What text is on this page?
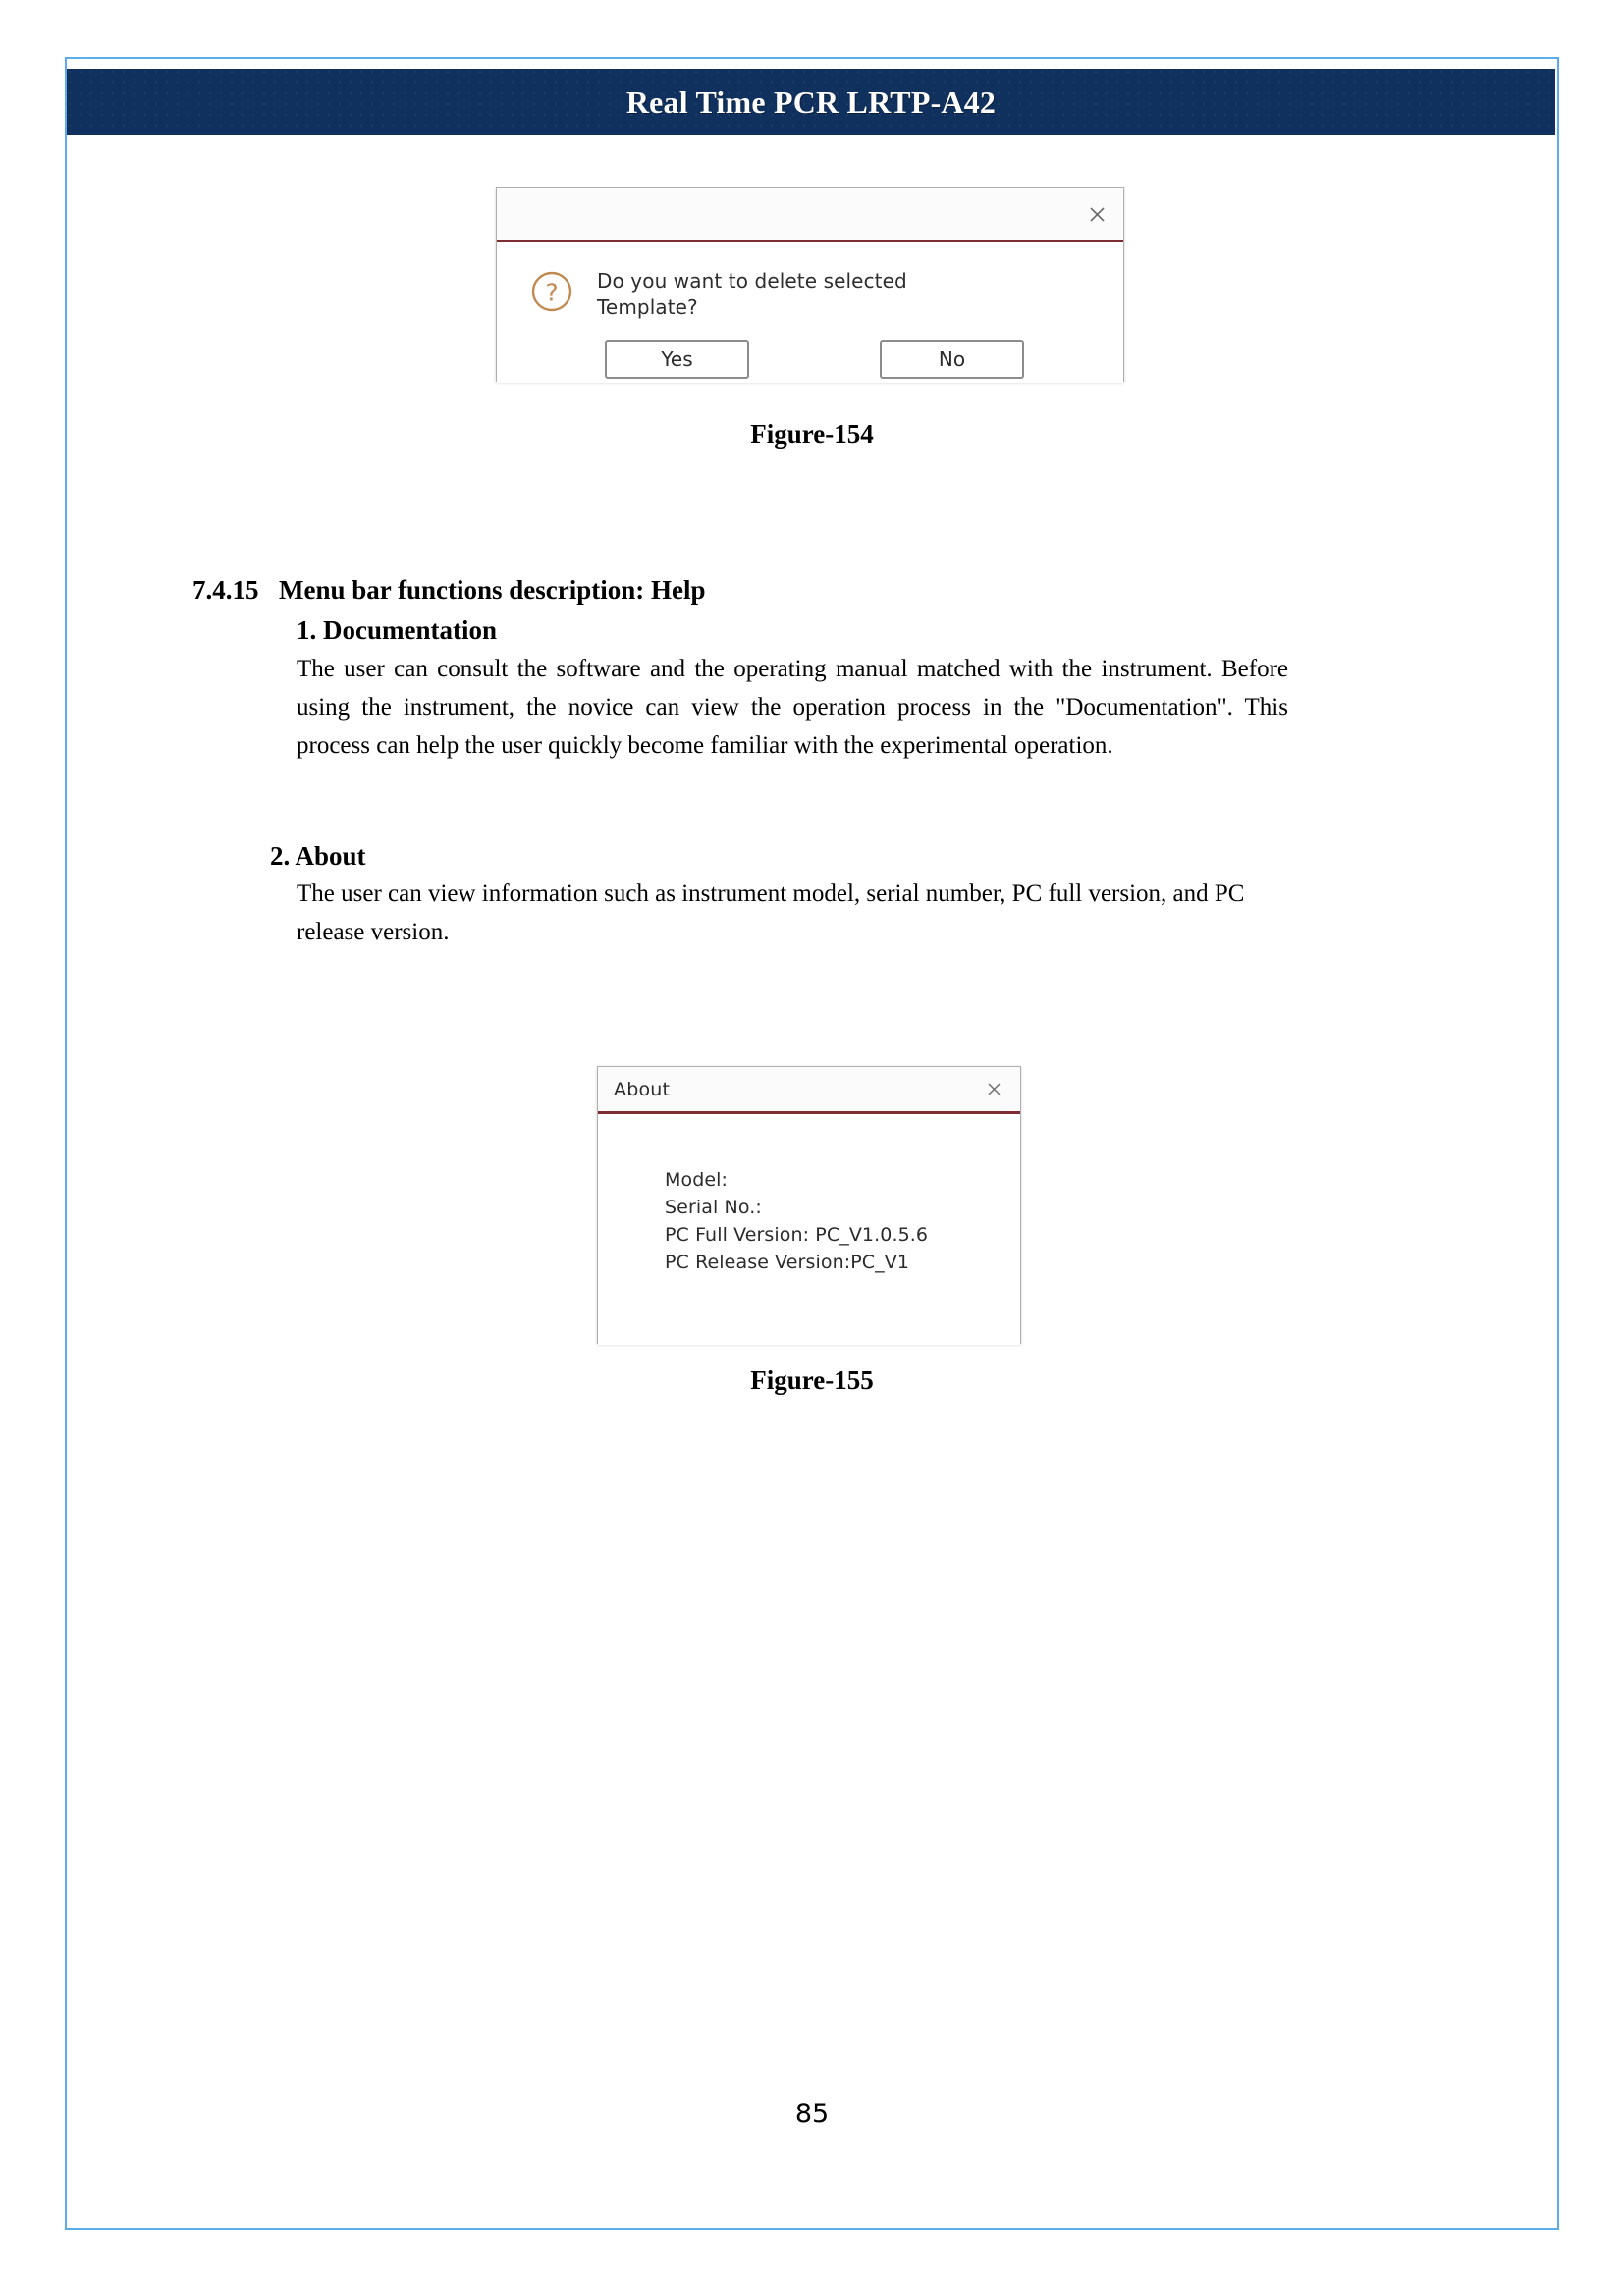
Real Time PCR LRTP-A42
? Do you want to delete selected Template?
Yes	No
Figure-154
7.4.15 Menu bar functions description: Help
1. Documentation
The user can consult the software and the operating manual matched with the instrument. Before using the instrument, the novice can view the operation process in the "Documentation". This process can help the user quickly become familiar with the experimental operation.
2. About
The user can view information such as instrument model, serial number, PC full version, and PC release version.
About
Model:
Serial No.:
PC Full Version: PC_V1.0.5.6
PC Release Version:PC_V1
Figure-155
85
